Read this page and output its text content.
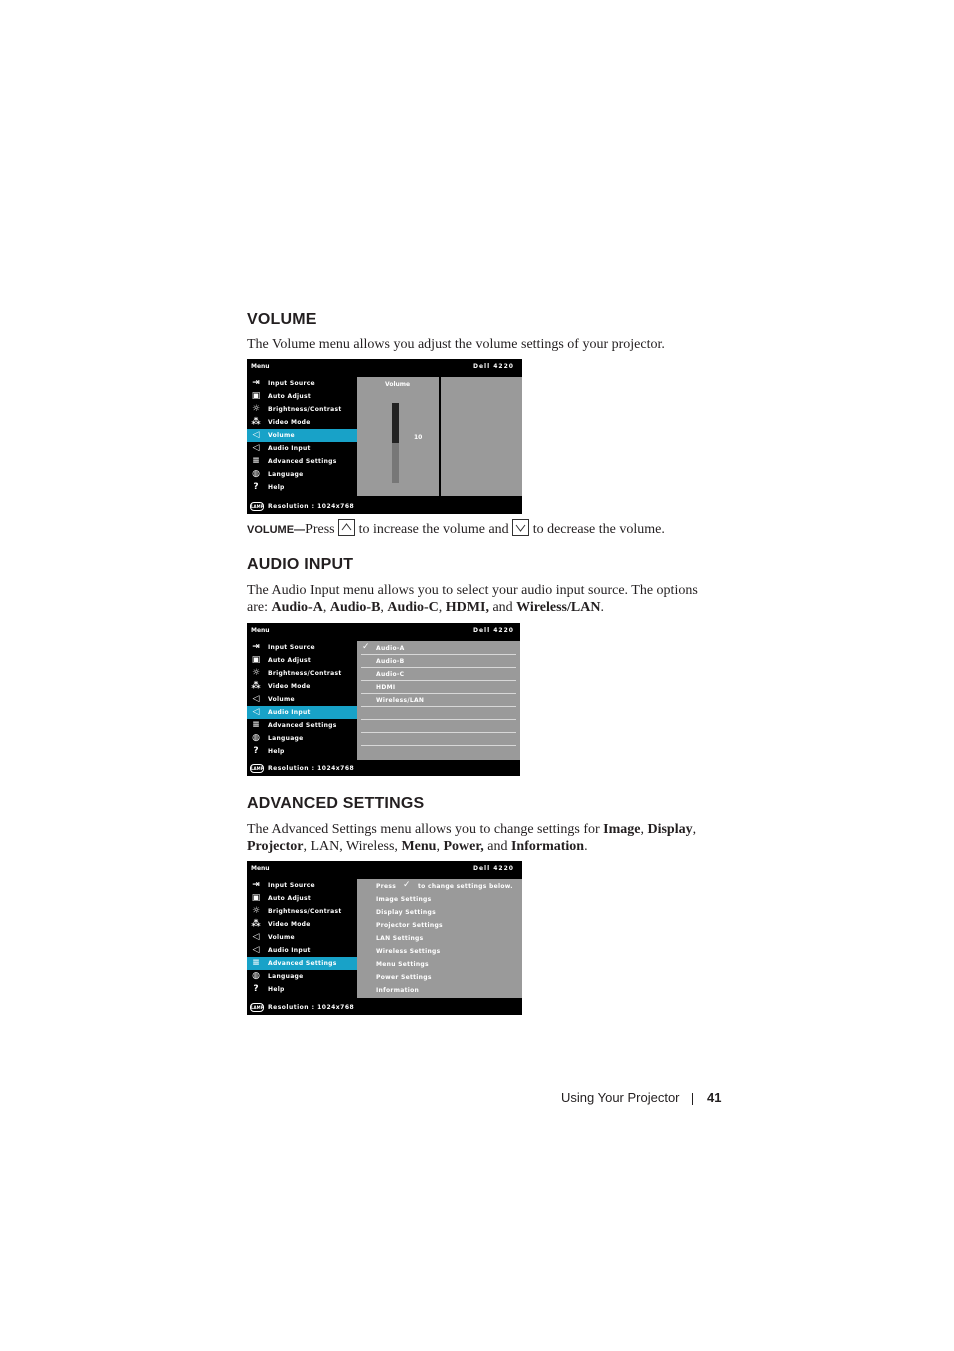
VOLUME
The Volume menu allows you adjust the volume settings of your projector.
Menu	Dell 4220
⇥ Input Source
▣ Auto Adjust
☼ Brightness/Contrast
⁂ Video Mode
◁ Volume
◁ Audio Input
≡ Advanced Settings
◍ Language
?	Help
Volume
10
LAMP Resolution : 1024x768
VOLUME—Press to increase the volume and to decrease the volume.
AUDIO INPUT
The Audio Input menu allows you to select your audio input source. The options
are: Audio-A, Audio-B, Audio-C, HDMI, and Wireless/LAN.
Menu	Dell 4220
⇥ Input Source
▣ Auto Adjust
☼ Brightness/Contrast
⁂ Video Mode
◁ Volume
◁ Audio Input
≡ Advanced Settings
◍ Language
?	Help
✓ Audio-A
Audio-B
Audio-C
HDMI
Wireless/LAN
LAMP Resolution : 1024x768
ADVANCED SETTINGS
The Advanced Settings menu allows you to change settings for Image, Display,
Projector, LAN, Wireless, Menu, Power, and Information.
Menu	Dell 4220
⇥ Input Source
▣ Auto Adjust
☼ Brightness/Contrast
⁂ Video Mode
◁ Volume
◁ Audio Input
≡ Advanced Settings
◍ Language
?	Help
Press ✓ to change settings below.
Image Settings
Display Settings
Projector Settings
LAN Settings
Wireless Settings
Menu Settings
Power Settings
Information
LAMP Resolution : 1024x768
Using Your Projector 41
